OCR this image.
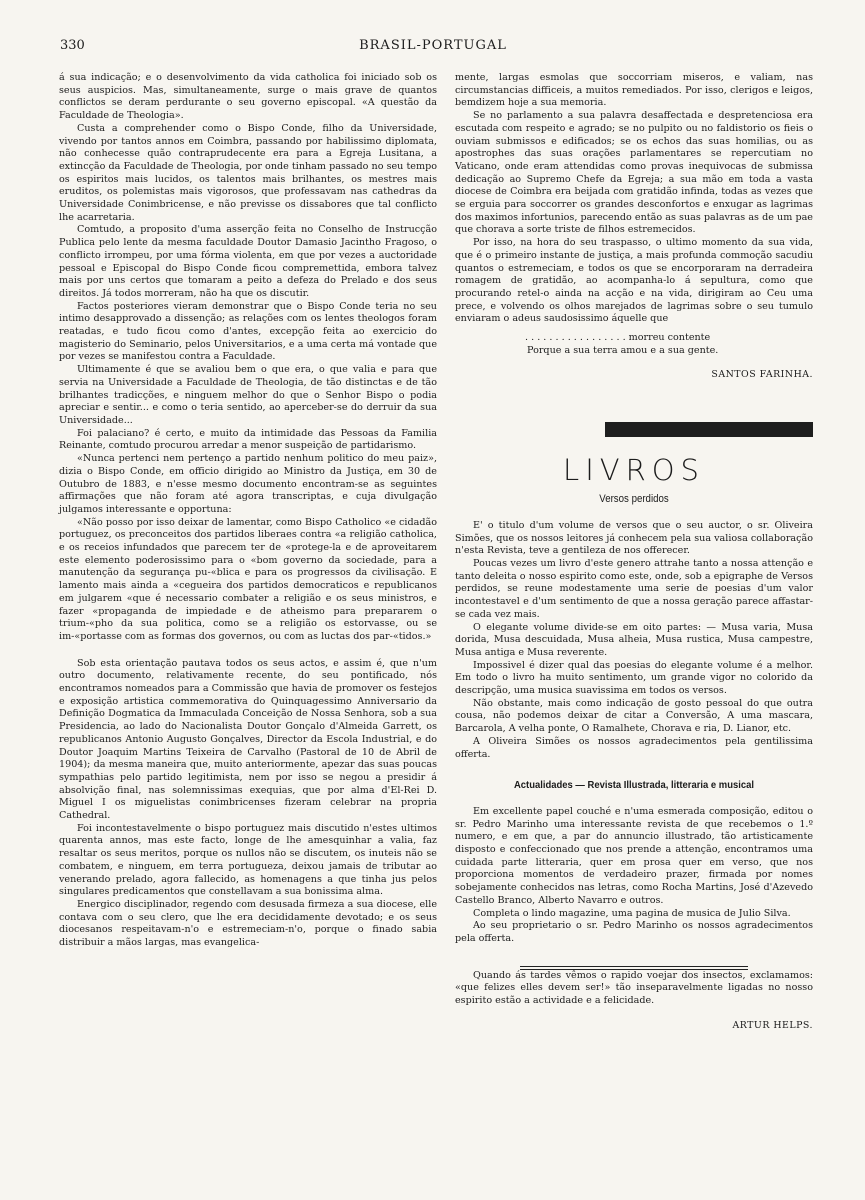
330	BRASIL-PORTUGAL

á sua indicação; e o desenvolvimento da vida catholica foi iniciado sob os seus auspicios. Mas, simultaneamente, surge o mais grave de quantos conflictos se deram perdurante o seu governo episcopal. «A questão da Faculdade de Theologia».

Custa a comprehender como o Bispo Conde, filho da Universidade, vivendo por tantos annos em Coimbra, passando por habilissimo diplomata, não conhecesse quão contraprudecente era para a Egreja Lusitana, a extincção da Faculdade de Theologia, por onde tinham passado no seu tempo os espiritos mais lucidos, os talentos mais brilhantes, os mestres mais eruditos, os polemistas mais vigorosos, que professavam nas cathedras da Universidade Conimbricense, e não previsse os dissabores que tal conflicto lhe acarretaria.

Comtudo, a proposito d'uma asserção feita no Conselho de Instrucção Publica pelo lente da mesma faculdade Doutor Damasio Jacintho Fragoso, o conflicto irrompeu, por uma fórma violenta, em que por vezes a auctoridade pessoal e Episcopal do Bispo Conde ficou compremettida, embora talvez mais por uns certos que tomaram a peito a defeza do Prelado e dos seus direitos. Já todos morreram, não ha que os discutir.

Factos posteriores vieram demonstrar que o Bispo Conde teria no seu intimo desapprovado a dissenção; as relações com os lentes theologos foram reatadas, e tudo ficou como d'antes, excepção feita ao exercicio do magisterio do Seminario, pelos Universitarios, e a uma certa má vontade que por vezes se manifestou contra a Faculdade.

Ultimamente é que se avaliou bem o que era, o que valia e para que servia na Universidade a Faculdade de Theologia, de tão distinctas e de tão brilhantes tradicções, e ninguem melhor do que o Senhor Bispo o podia apreciar e sentir... e como o teria sentido, ao aperceber-se do derruir da sua Universidade...

Foi palaciano? é certo, e muito da intimidade das Pessoas da Familia Reinante, comtudo procurou arredar a menor suspeição de partidarismo.

«Nunca pertenci nem pertenço a partido nenhum politico do meu paiz», dizia o Bispo Conde, em officio dirigido ao Ministro da Justiça, em 30 de Outubro de 1883, e n'esse mesmo documento encontram-se as seguintes affirmações que não foram até agora transcriptas, e cuja divulgação julgamos interessante e opportuna:

«Não posso por isso deixar de lamentar, como Bispo Catholico «e cidadão portuguez, os preconceitos dos partidos liberaes contra «a religião catholica, e os receios infundados que parecem ter de «protege-la e de aproveitarem este elemento poderosissimo para o «bom governo da sociedade, para a manutenção da segurança pu-«blica e para os progressos da civilisação. E lamento mais ainda a «cegueira dos partidos democraticos e republicanos em julgarem «que é necessario combater a religião e os seus ministros, e fazer «propaganda de impiedade e de atheismo para prepararem o trium-«pho da sua politica, como se a religião os estorvasse, ou se im-«portasse com as formas dos governos, ou com as luctas dos par-«tidos.»

Sob esta orientação pautava todos os seus actos, e assim é, que n'um outro documento, relativamente recente, do seu pontificado, nós encontramos nomeados para a Commissão que havia de promover os festejos e exposição artistica commemorativa do Quinquagessimo Anniversario da Definição Dogmatica da Immaculada Conceição de Nossa Senhora, sob a sua Presidencia, ao lado do Nacionalista Doutor Gonçalo d'Almeida Garrett, os republicanos Antonio Augusto Gonçalves, Director da Escola Industrial, e do Doutor Joaquim Martins Teixeira de Carvalho (Pastoral de 10 de Abril de 1904); da mesma maneira que, muito anteriormente, apezar das suas poucas sympathias pelo partido legitimista, nem por isso se negou a presidir á absolvição final, nas solemnissimas exequias, que por alma d'El-Rei D. Miguel I os miguelistas conimbricenses fizeram celebrar na propria Cathedral.

Foi incontestavelmente o bispo portuguez mais discutido n'estes ultimos quarenta annos, mas este facto, longe de lhe amesquinhar a valia, faz resaltar os seus meritos, porque os nullos não se discutem, os inuteis não se combatem, e ninguem, em terra portugueza, deixou jamais de tributar ao venerando prelado, agora fallecido, as homenagens a que tinha jus pelos singulares predicamentos que constellavam a sua bonissima alma.

Energico disciplinador, regendo com desusada firmeza a sua diocese, elle contava com o seu clero, que lhe era decididamente devotado; e os seus diocesanos respeitavam-n'o e estremeciam-n'o, porque o finado sabia distribuir a mãos largas, mas evangelica-

mente, largas esmolas que soccorriam miseros, e valiam, nas circumstancias difficeis, a muitos remediados. Por isso, clerigos e leigos, bemdizem hoje a sua memoria.

Se no parlamento a sua palavra desaffectada e despretenciosa era escutada com respeito e agrado; se no pulpito ou no faldistorio os fieis o ouviam submissos e edificados; se os echos das suas homilias, ou as apostrophes das suas orações parlamentares se repercutiam no Vaticano, onde eram attendidas como provas inequivocas de submissa dedicação ao Supremo Chefe da Egreja; a sua mão em toda a vasta diocese de Coimbra era beijada com gratidão infinda, todas as vezes que se erguia para soccorrer os grandes desconfortos e enxugar as lagrimas dos maximos infortunios, parecendo então as suas palavras as de um pae que chorava a sorte triste de filhos estremecidos.

Por isso, na hora do seu traspasso, o ultimo momento da sua vida, que é o primeiro instante de justiça, a mais profunda commoção sacudiu quantos o estremeciam, e todos os que se encorporaram na derradeira romagem de gratidão, ao acompanha-lo á sepultura, como que procurando retel-o ainda na acção e na vida, dirigiram ao Ceu uma prece, e volvendo os olhos marejados de lagrimas sobre o seu tumulo enviaram o adeus saudosissimo áquelle que

. . . . . . . . . . . . . . . . . morreu contente
Porque a sua terra amou e a sua gente.
SANTOS FARINHA.
LIVROS
Versos perdidos

E' o titulo d'um volume de versos que o seu auctor, o sr. Oliveira Simões, que os nossos leitores já conhecem pela sua valiosa collaboração n'esta Revista, teve a gentileza de nos offerecer.

Poucas vezes um livro d'este genero attrahe tanto a nossa attenção e tanto deleita o nosso espirito como este, onde, sob a epigraphe de Versos perdidos, se reune modestamente uma serie de poesias d'um valor incontestavel e d'um sentimento de que a nossa geração parece affastar-se cada vez mais.

O elegante volume divide-se em oito partes: — Musa varia, Musa dorida, Musa descuidada, Musa alheia, Musa rustica, Musa campestre, Musa antiga e Musa reverente.

Impossivel é dizer qual das poesias do elegante volume é a melhor. Em todo o livro ha muito sentimento, um grande vigor no colorido da descripção, uma musica suavissima em todos os versos.

Não obstante, mais como indicação de gosto pessoal do que outra cousa, não podemos deixar de citar a Conversão, A uma mascara, Barcarola, A velha ponte, O Ramalhete, Chorava e ria, D. Lianor, etc.

A Oliveira Simões os nossos agradecimentos pela gentilissima offerta.

Actualidades — Revista Illustrada, litteraria e musical

Em excellente papel couché e n'uma esmerada composição, editou o sr. Pedro Marinho uma interessante revista de que recebemos o 1.º numero, e em que, a par do annuncio illustrado, tão artisticamente disposto e confeccionado que nos prende a attenção, encontramos uma cuidada parte litteraria, quer em prosa quer em verso, que nos proporciona momentos de verdadeiro prazer, firmada por nomes sobejamente conhecidos nas letras, como Rocha Martins, José d'Azevedo Castello Branco, Alberto Navarro e outros.

Completa o lindo magazine, uma pagina de musica de Julio Silva.

Ao seu proprietario o sr. Pedro Marinho os nossos agradecimentos pela offerta.

Quando ás tardes vêmos o rapido voejar dos insectos, exclamamos: «que felizes elles devem ser!» tão inseparavelmente ligadas no nosso espirito estão a actividade e a felicidade.

ARTUR HELPS.
